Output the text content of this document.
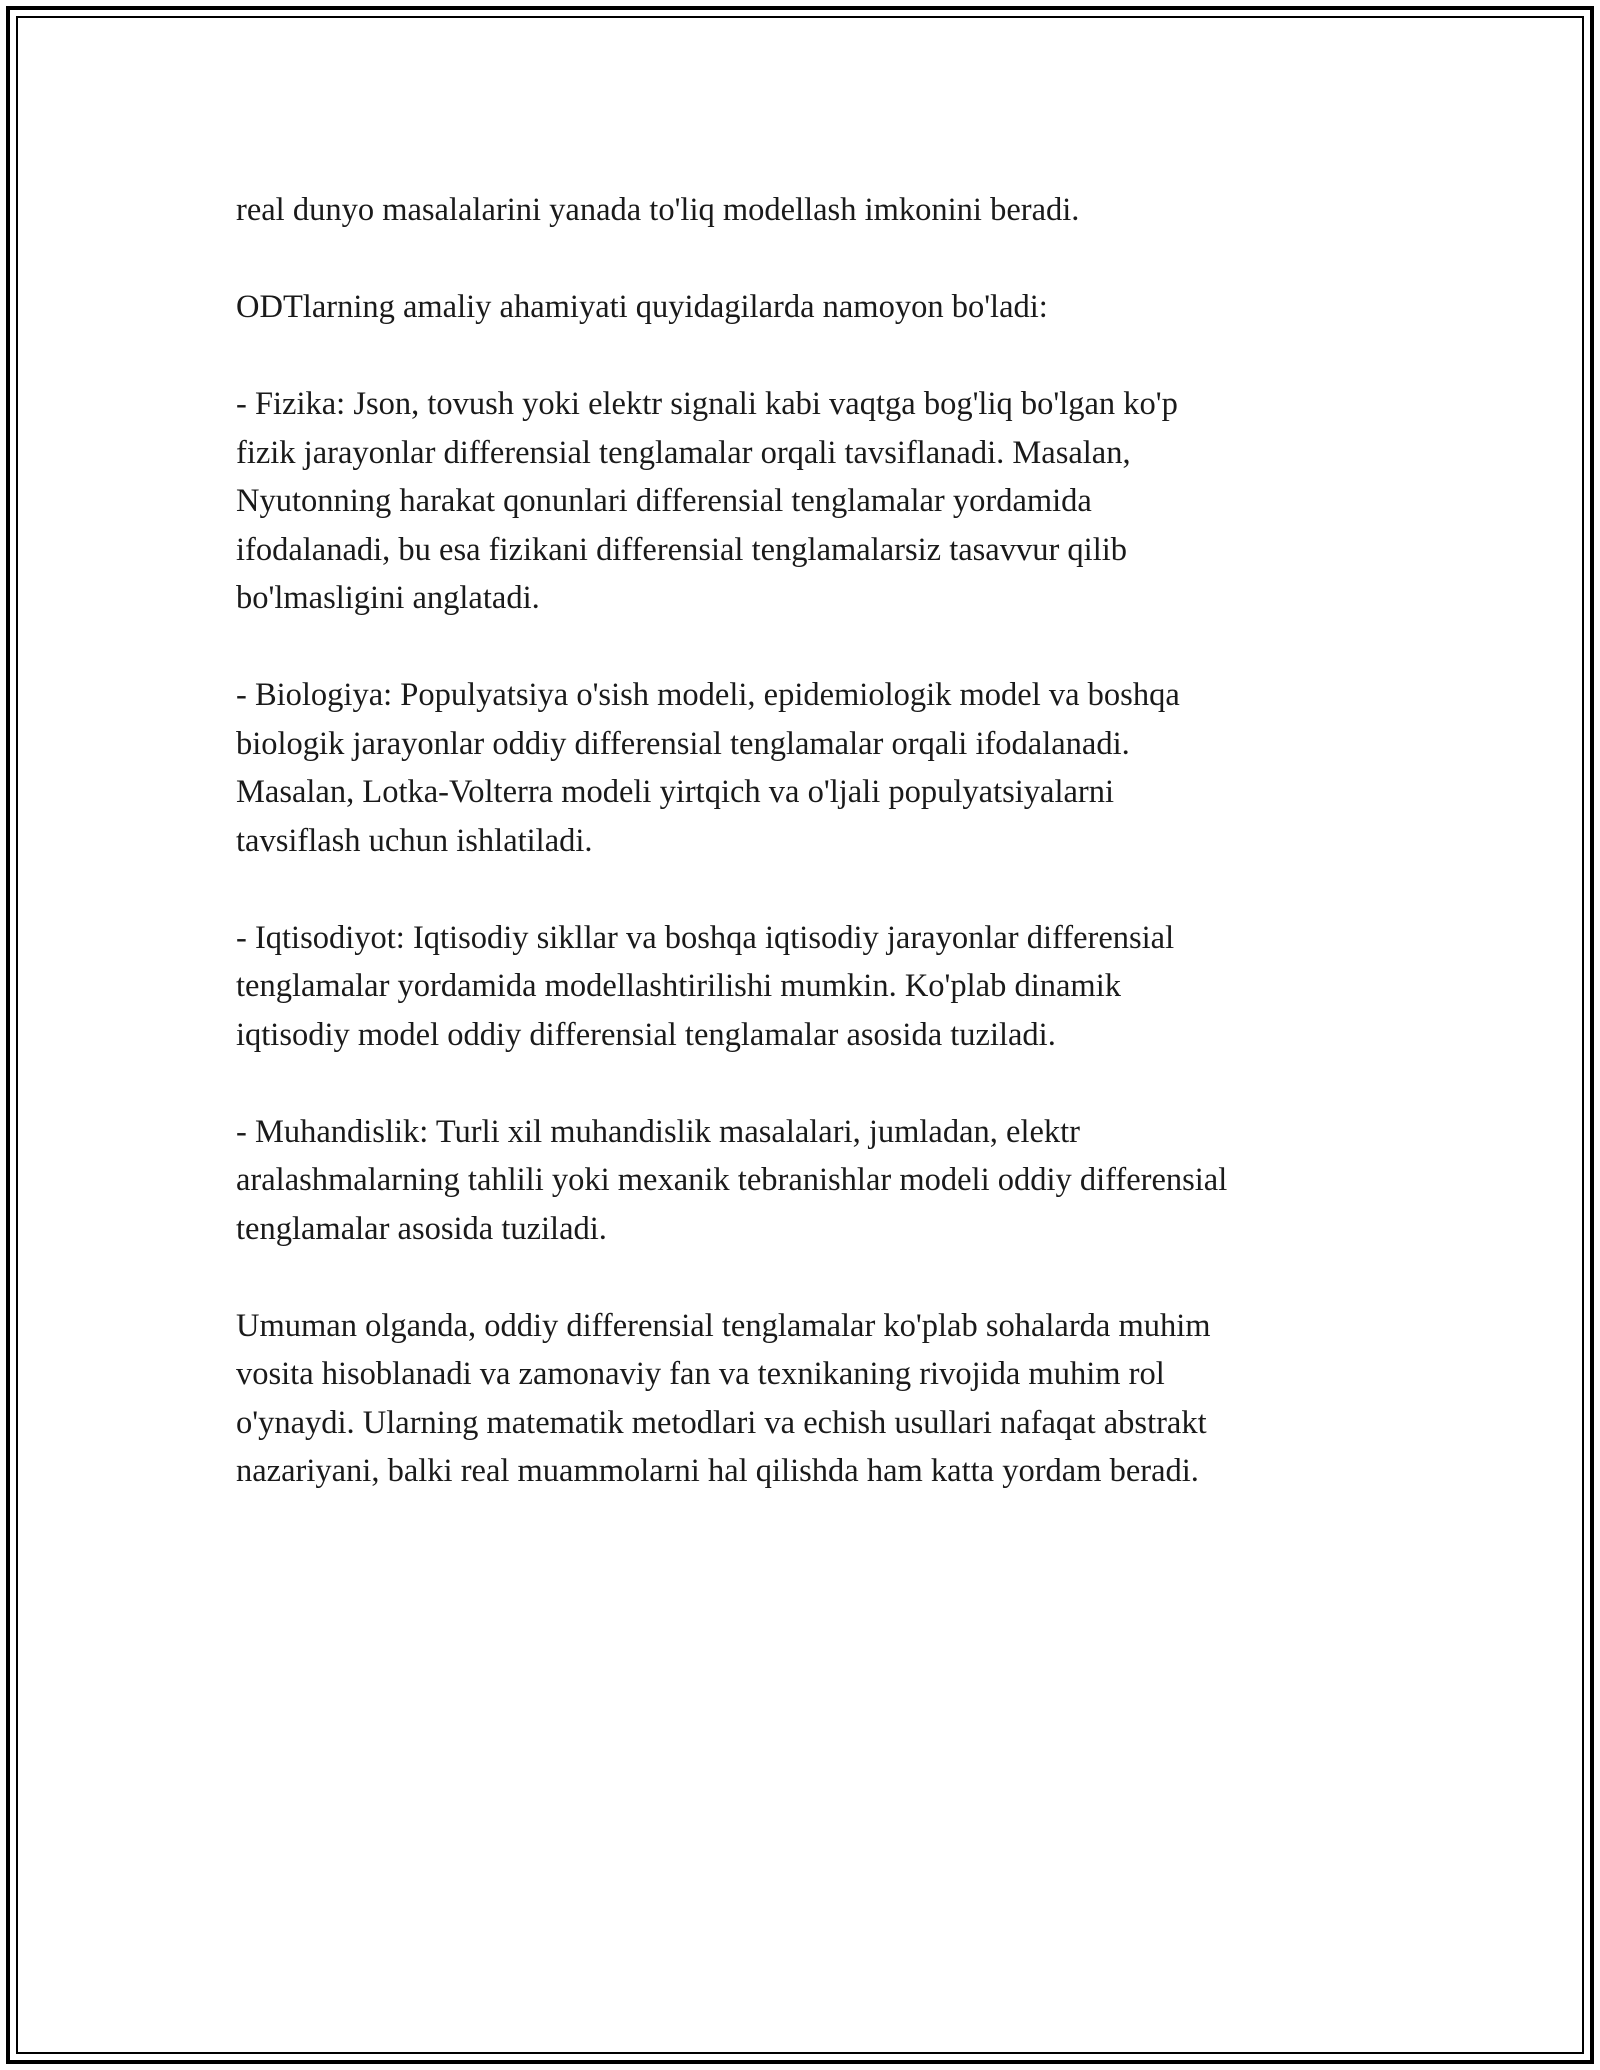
real dunyo masalalarini yanada to'liq modellash imkonini beradi.

ODTlarning amaliy ahamiyati quyidagilarda namoyon bo'ladi:

- Fizika: Json, tovush yoki elektr signali kabi vaqtga bog'liq bo'lgan ko'p
fizik jarayonlar differensial tenglamalar orqali tavsiflanadi. Masalan,
Nyutonning harakat qonunlari differensial tenglamalar yordamida
ifodalanadi, bu esa fizikani differensial tenglamalarsiz tasavvur qilib
bo'lmasligini anglatadi.

- Biologiya: Populyatsiya o'sish modeli, epidemiologik model va boshqa
biologik jarayonlar oddiy differensial tenglamalar orqali ifodalanadi.
Masalan, Lotka-Volterra modeli yirtqich va o'ljali populyatsiyalarni
tavsiflash uchun ishlatiladi.

- Iqtisodiyot: Iqtisodiy sikllar va boshqa iqtisodiy jarayonlar differensial
tenglamalar yordamida modellashtirilishi mumkin. Ko'plab dinamik
iqtisodiy model oddiy differensial tenglamalar asosida tuziladi.

- Muhandislik: Turli xil muhandislik masalalari, jumladan, elektr
aralashmalarning tahlili yoki mexanik tebranishlar modeli oddiy differensial
tenglamalar asosida tuziladi.

Umuman olganda, oddiy differensial tenglamalar ko'plab sohalarda muhim
vosita hisoblanadi va zamonaviy fan va texnikaning rivojida muhim rol
o'ynaydi. Ularning matematik metodlari va echish usullari nafaqat abstrakt
nazariyani, balki real muammolarni hal qilishda ham katta yordam beradi.
